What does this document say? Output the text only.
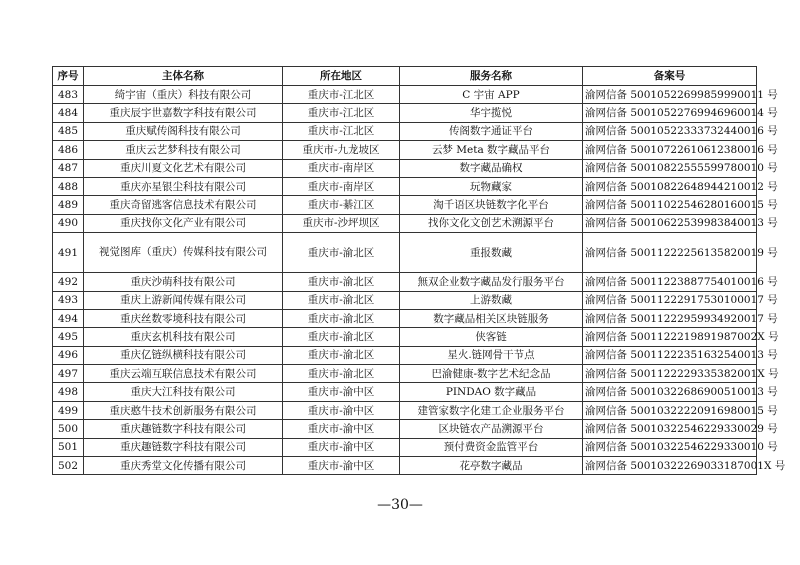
序号	主体名称	所在地区	服务名称	备案号
483	绮宇宙（重庆）科技有限公司	重庆市-江北区	C 宇宙 APP	渝网信备 50010522699859990011 号
484	重庆辰宇世嘉数字科技有限公司	重庆市-江北区	华宇揽悦	渝网信备 50010522769946960014 号
485	重庆赋传阁科技有限公司	重庆市-江北区	传阁数字通证平台	渝网信备 50010522333732440016 号
486	重庆云艺梦科技有限公司	重庆市-九龙坡区	云梦 Meta 数字藏品平台	渝网信备 50010722610612380016 号
487	重庆川夏文化艺术有限公司	重庆市-南岸区	数字藏品确权	渝网信备 50010822555599780010 号
488	重庆亦星银尘科技有限公司	重庆市-南岸区	玩物藏家	渝网信备 50010822648944210012 号
489	重庆奇留逃客信息技术有限公司	重庆市-綦江区	淘千语区块链数字化平台	渝网信备 50011022546280160015 号
490	重庆找你文化产业有限公司	重庆市-沙坪坝区	找你文化文创艺术溯源平台	渝网信备 50010622539983840013 号
491	视觉图库（重庆）传媒科技有限公司	重庆市-渝北区	重报数藏	渝网信备 50011222256135820019 号
492	重庆沙萌科技有限公司	重庆市-渝北区	無双企业数字藏品发行服务平台	渝网信备 50011223887754010016 号
493	重庆上游新闻传媒有限公司	重庆市-渝北区	上游数藏	渝网信备 50011222917530100017 号
494	重庆丝数零境科技有限公司	重庆市-渝北区	数字藏品相关区块链服务	渝网信备 50011222959934920017 号
495	重庆玄机科技有限公司	重庆市-渝北区	侠客链	渝网信备 5001122219891987002X 号
496	重庆亿链纵横科技有限公司	重庆市-渝北区	星火.链网骨干节点	渝网信备 50011222351632540013 号
497	重庆云端互联信息技术有限公司	重庆市-渝北区	巴渝健康-数字艺术纪念品	渝网信备 5001122229335382001X 号
498	重庆大江科技有限公司	重庆市-渝中区	PINDAO 数字藏品	渝网信备 50010322686900510013 号
499	重庆憨牛技术创新服务有限公司	重庆市-渝中区	建管家数字化建工企业服务平台	渝网信备 50010322220916980015 号
500	重庆趣链数字科技有限公司	重庆市-渝中区	区块链农产品溯源平台	渝网信备 50010322546229330029 号
501	重庆趣链数字科技有限公司	重庆市-渝中区	预付费资金监管平台	渝网信备 50010322546229330010 号
502	重庆秀堂文化传播有限公司	重庆市-渝中区	花亭数字藏品	渝网信备 5001032226903318700​1X 号
—30—
